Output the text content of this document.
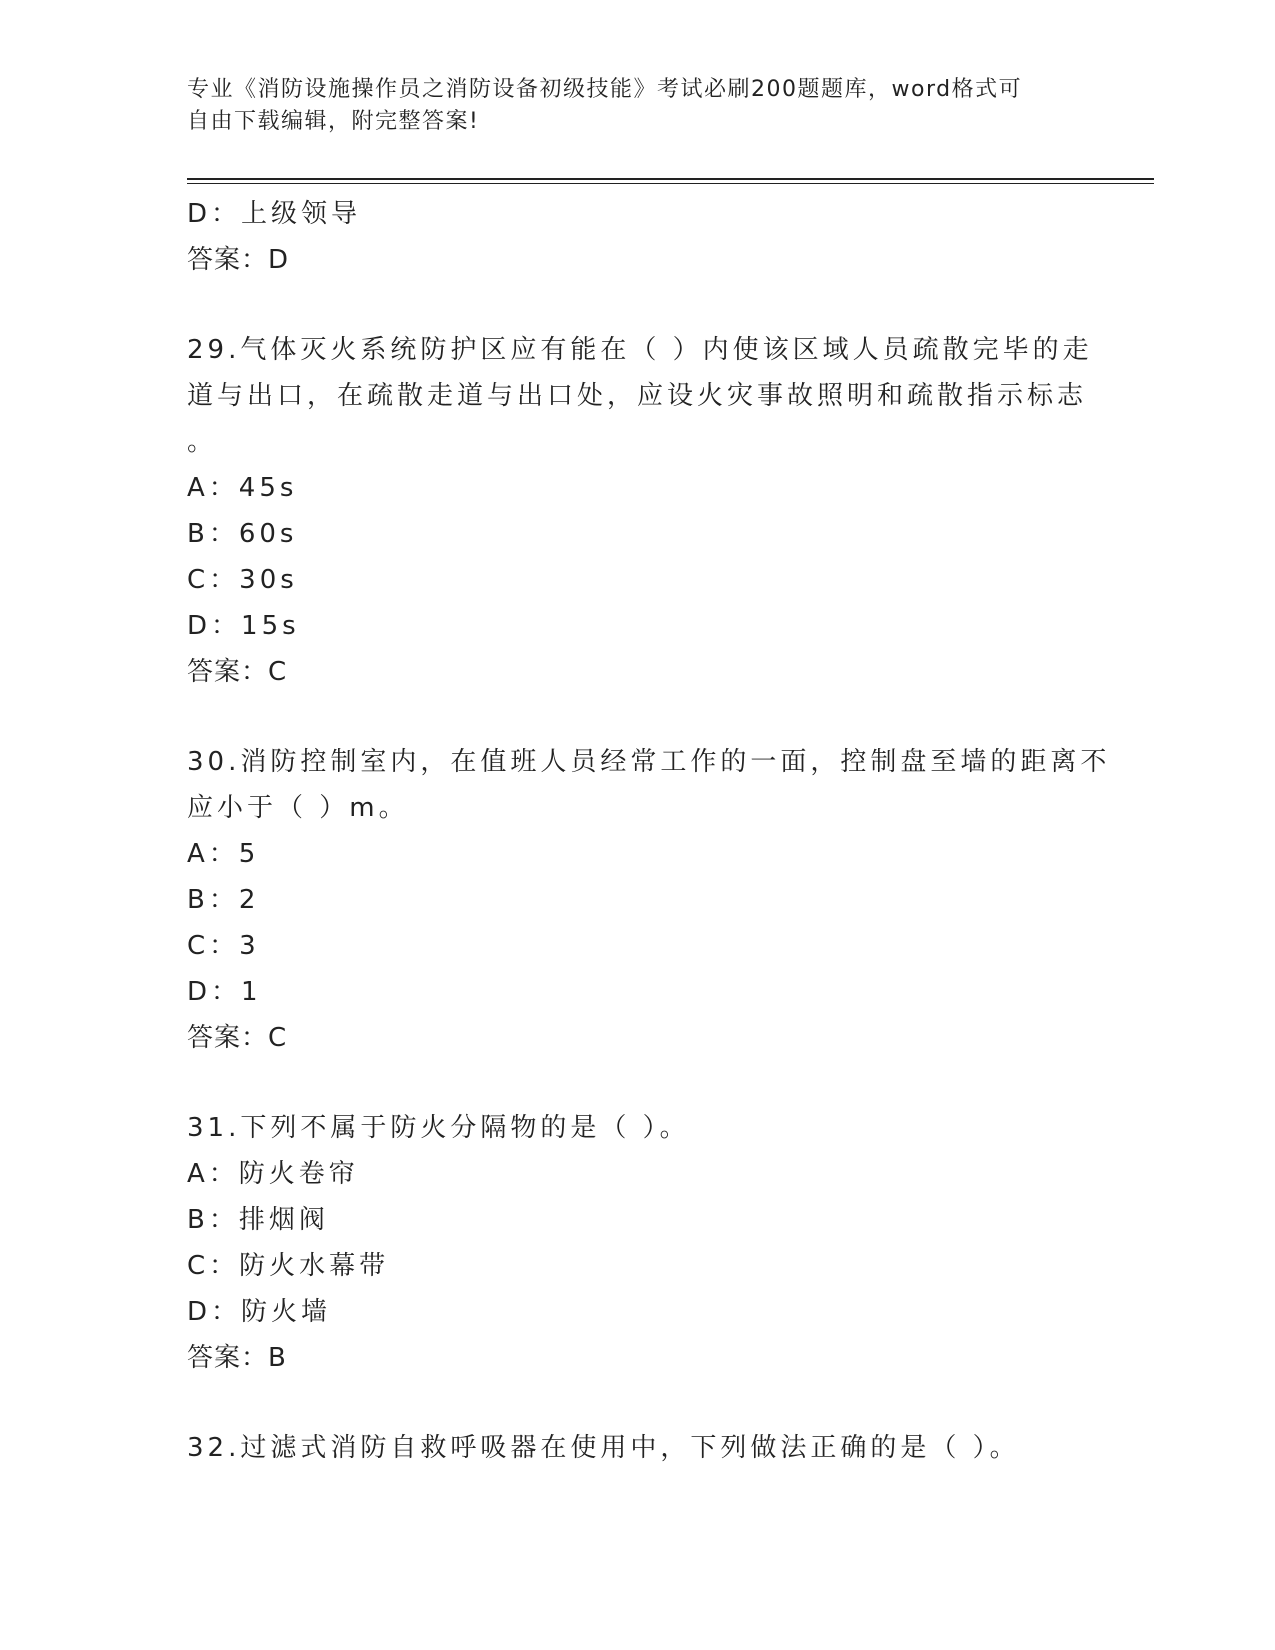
专业《消防设施操作员之消防设备初级技能》考试必刷200题题库，word格式可
自由下载编辑，附完整答案!
D：上级领导
答案：D
29.气体灭火系统防护区应有能在（ ）内使该区域人员疏散完毕的走
道与出口，在疏散走道与出口处，应设火灾事故照明和疏散指示标志
。
A：45s
B：60s
C：30s
D：15s
答案：C
30.消防控制室内，在值班人员经常工作的一面，控制盘至墙的距离不
应小于（ ）m。
A：5
B：2
C：3
D：1
答案：C
31.下列不属于防火分隔物的是（ ）。
A：防火卷帘
B：排烟阀
C：防火水幕带
D：防火墙
答案：B
32.过滤式消防自救呼吸器在使用中，下列做法正确的是（ ）。
